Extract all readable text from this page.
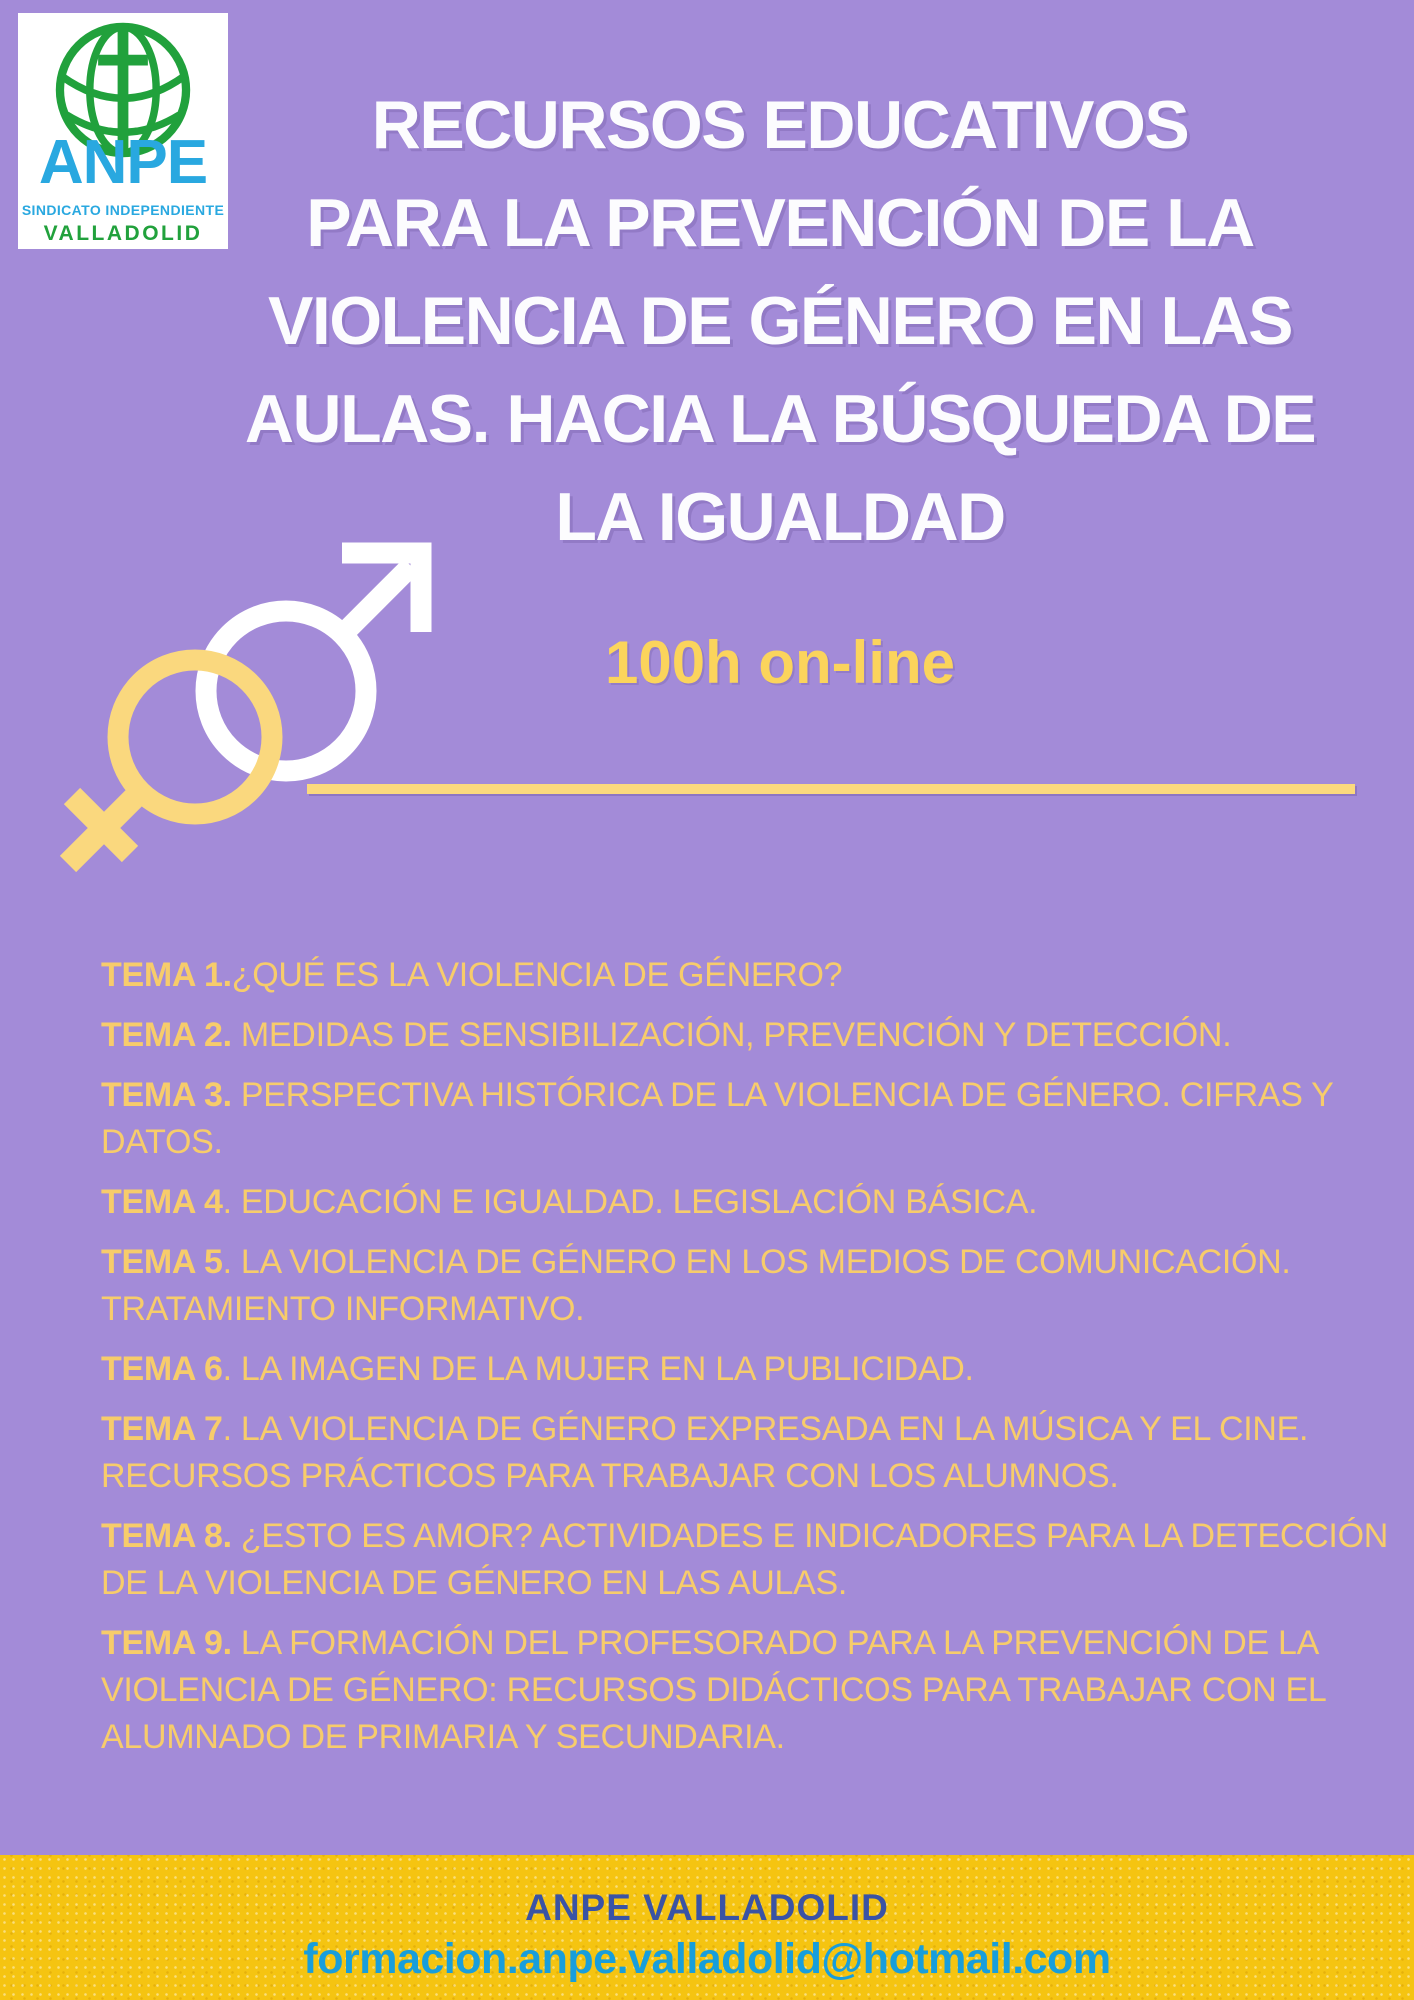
ANPE
SINDICATO INDEPENDIENTE
VALLADOLID
RECURSOS EDUCATIVOS
PARA LA PREVENCIÓN DE LA
VIOLENCIA DE GÉNERO EN LAS
AULAS. HACIA LA BÚSQUEDA DE
LA IGUALDAD
100h on-line

TEMA 1.¿QUÉ ES LA VIOLENCIA DE GÉNERO?

TEMA 2. MEDIDAS DE SENSIBILIZACIÓN, PREVENCIÓN Y DETECCIÓN.

TEMA 3. PERSPECTIVA HISTÓRICA DE LA VIOLENCIA DE GÉNERO. CIFRAS Y DATOS.

TEMA 4. EDUCACIÓN E IGUALDAD. LEGISLACIÓN BÁSICA.

TEMA 5. LA VIOLENCIA DE GÉNERO EN LOS MEDIOS DE COMUNICACIÓN. TRATAMIENTO INFORMATIVO.

TEMA 6. LA IMAGEN DE LA MUJER EN LA PUBLICIDAD.

TEMA 7. LA VIOLENCIA DE GÉNERO EXPRESADA EN LA MÚSICA Y EL CINE. RECURSOS PRÁCTICOS PARA TRABAJAR CON LOS ALUMNOS.

TEMA 8. ¿ESTO ES AMOR? ACTIVIDADES E INDICADORES PARA LA DETECCIÓN DE LA VIOLENCIA DE GÉNERO EN LAS AULAS.

TEMA 9. LA FORMACIÓN DEL PROFESORADO PARA LA PREVENCIÓN DE LA VIOLENCIA DE GÉNERO: RECURSOS DIDÁCTICOS PARA TRABAJAR CON EL ALUMNADO DE PRIMARIA Y SECUNDARIA.

ANPE VALLADOLID

formacion.anpe.valladolid@hotmail.com
